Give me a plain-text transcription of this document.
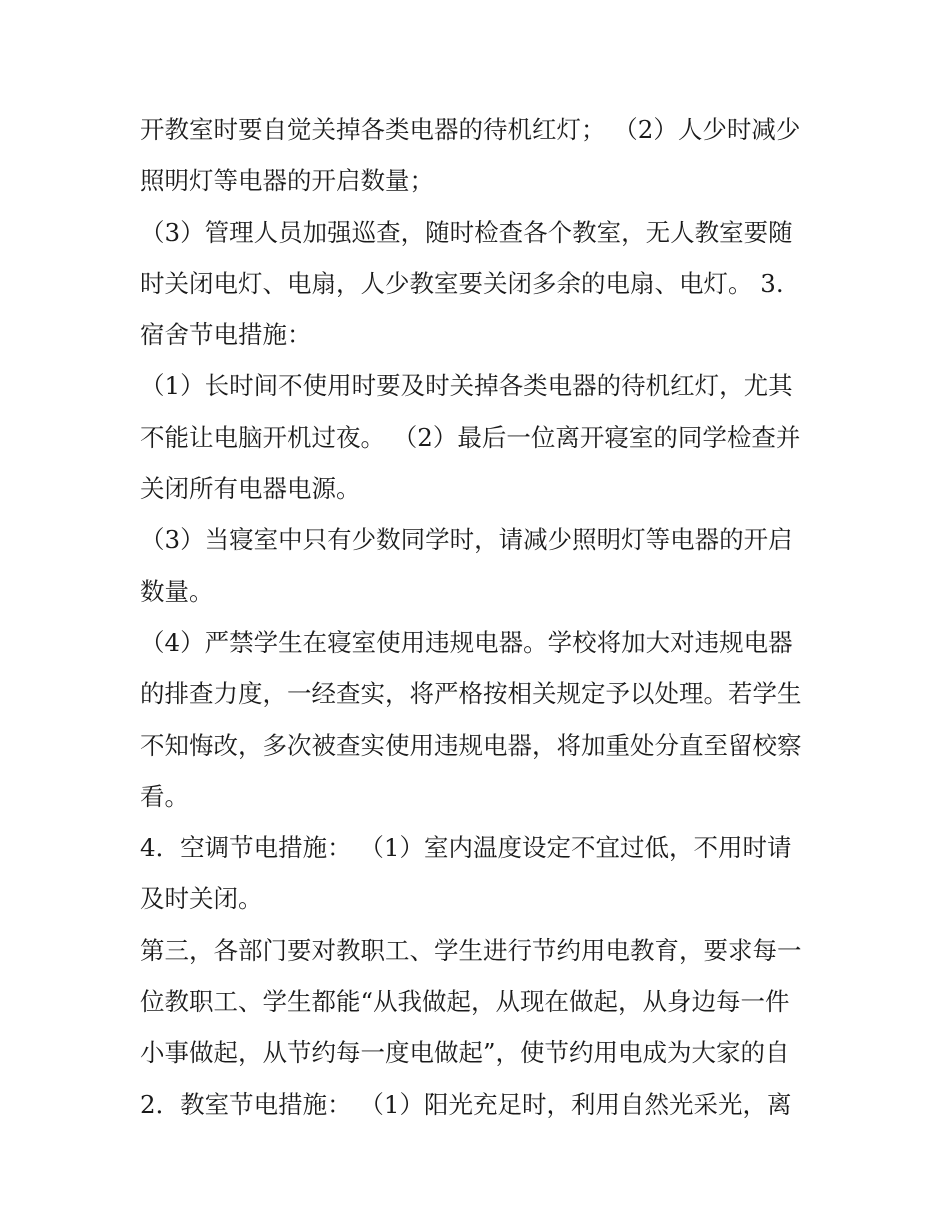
开教室时要自觉关掉各类电器的待机红灯； （2）人少时减少
照明灯等电器的开启数量；
（3）管理人员加强巡查，随时检查各个教室，无人教室要随
时关闭电灯、电扇，人少教室要关闭多余的电扇、电灯。 3.
宿舍节电措施：
（1）长时间不使用时要及时关掉各类电器的待机红灯，尤其
不能让电脑开机过夜。 （2）最后一位离开寝室的同学检查并
关闭所有电器电源。
（3）当寝室中只有少数同学时，请减少照明灯等电器的开启
数量。
（4）严禁学生在寝室使用违规电器。学校将加大对违规电器
的排查力度，一经查实，将严格按相关规定予以处理。若学生
不知悔改，多次被查实使用违规电器，将加重处分直至留校察
看。
4．空调节电措施： （1）室内温度设定不宜过低，不用时请
及时关闭。
第三，各部门要对教职工、学生进行节约用电教育，要求每一
位教职工、学生都能“从我做起，从现在做起，从身边每一件
小事做起，从节约每一度电做起”，使节约用电成为大家的自
2．教室节电措施： （1）阳光充足时，利用自然光采光，离
